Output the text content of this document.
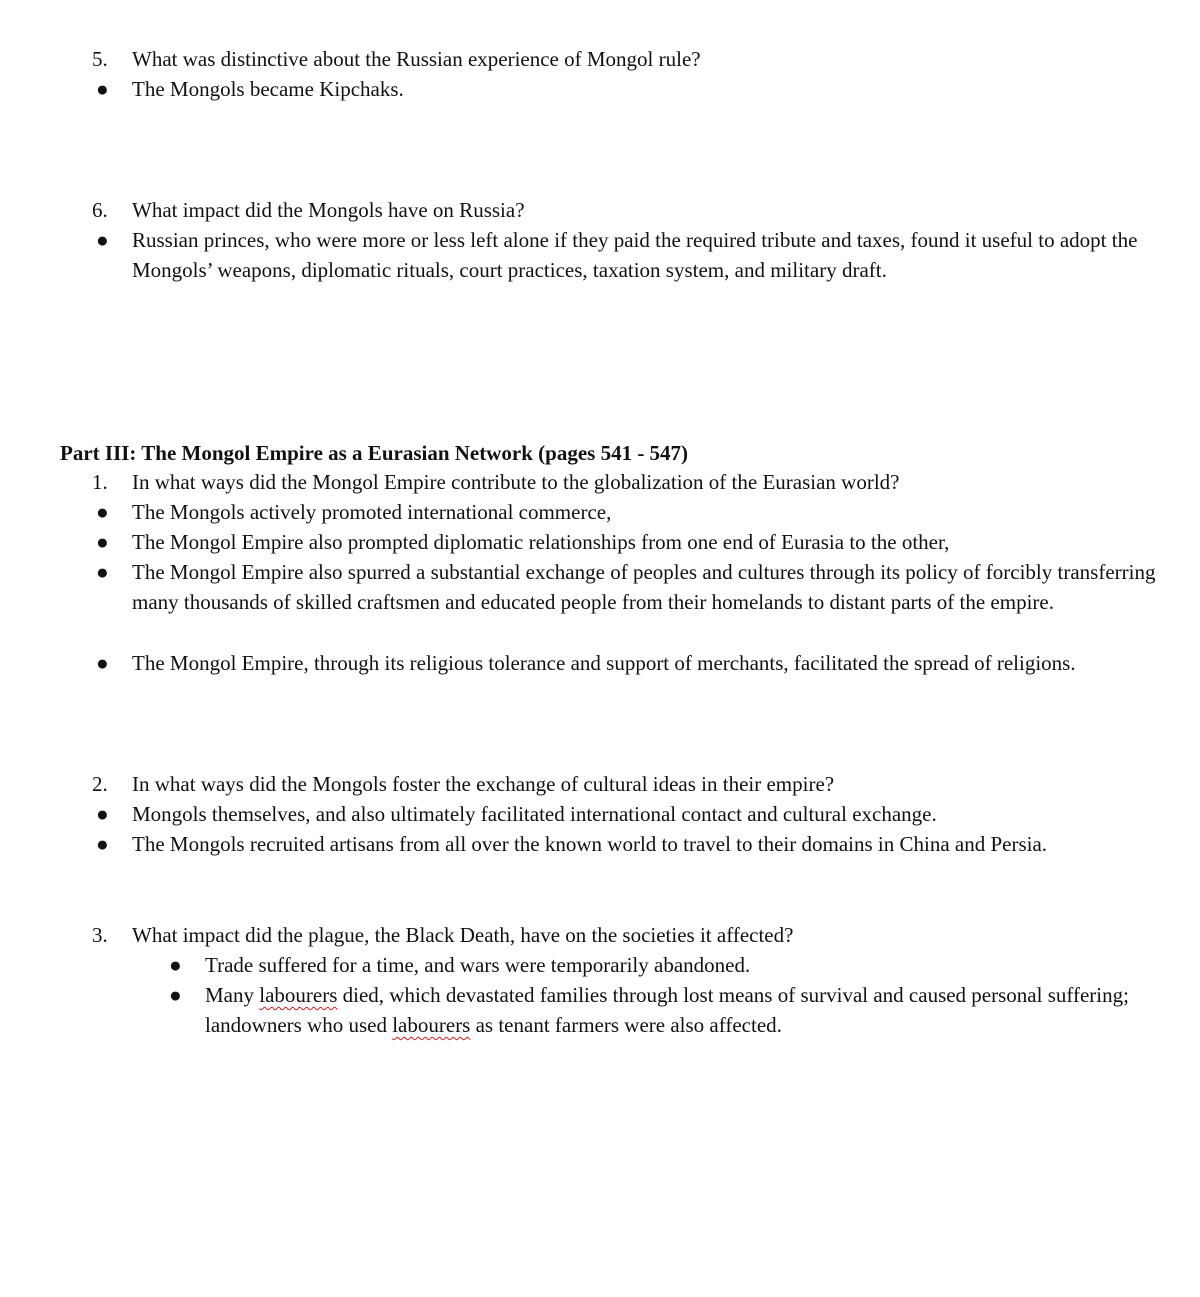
5.	What was distinctive about the Russian experience of Mongol rule?
●	The Mongols became Kipchaks.
6.	What impact did the Mongols have on Russia?
●	Russian princes, who were more or less left alone if they paid the required tribute and taxes, found it useful to adopt the Mongols’ weapons, diplomatic rituals, court practices, taxation system, and military draft.
Part III: The Mongol Empire as a Eurasian Network (pages 541 - 547)
1.	In what ways did the Mongol Empire contribute to the globalization of the Eurasian world?
●	The Mongols actively promoted international commerce,
●	The Mongol Empire also prompted diplomatic relationships from one end of Eurasia to the other,
●	The Mongol Empire also spurred a substantial exchange of peoples and cultures through its policy of forcibly transferring many thousands of skilled craftsmen and educated people from their homelands to distant parts of the empire.
●	The Mongol Empire, through its religious tolerance and support of merchants, facilitated the spread of religions.
2.	In what ways did the Mongols foster the exchange of cultural ideas in their empire?
●	Mongols themselves, and also ultimately facilitated international contact and cultural exchange.
●	The Mongols recruited artisans from all over the known world to travel to their domains in China and Persia.
3.	What impact did the plague, the Black Death, have on the societies it affected?
●	Trade suffered for a time, and wars were temporarily abandoned.
●	Many labourers died, which devastated families through lost means of survival and caused personal suffering; landowners who used labourers as tenant farmers were also affected.
